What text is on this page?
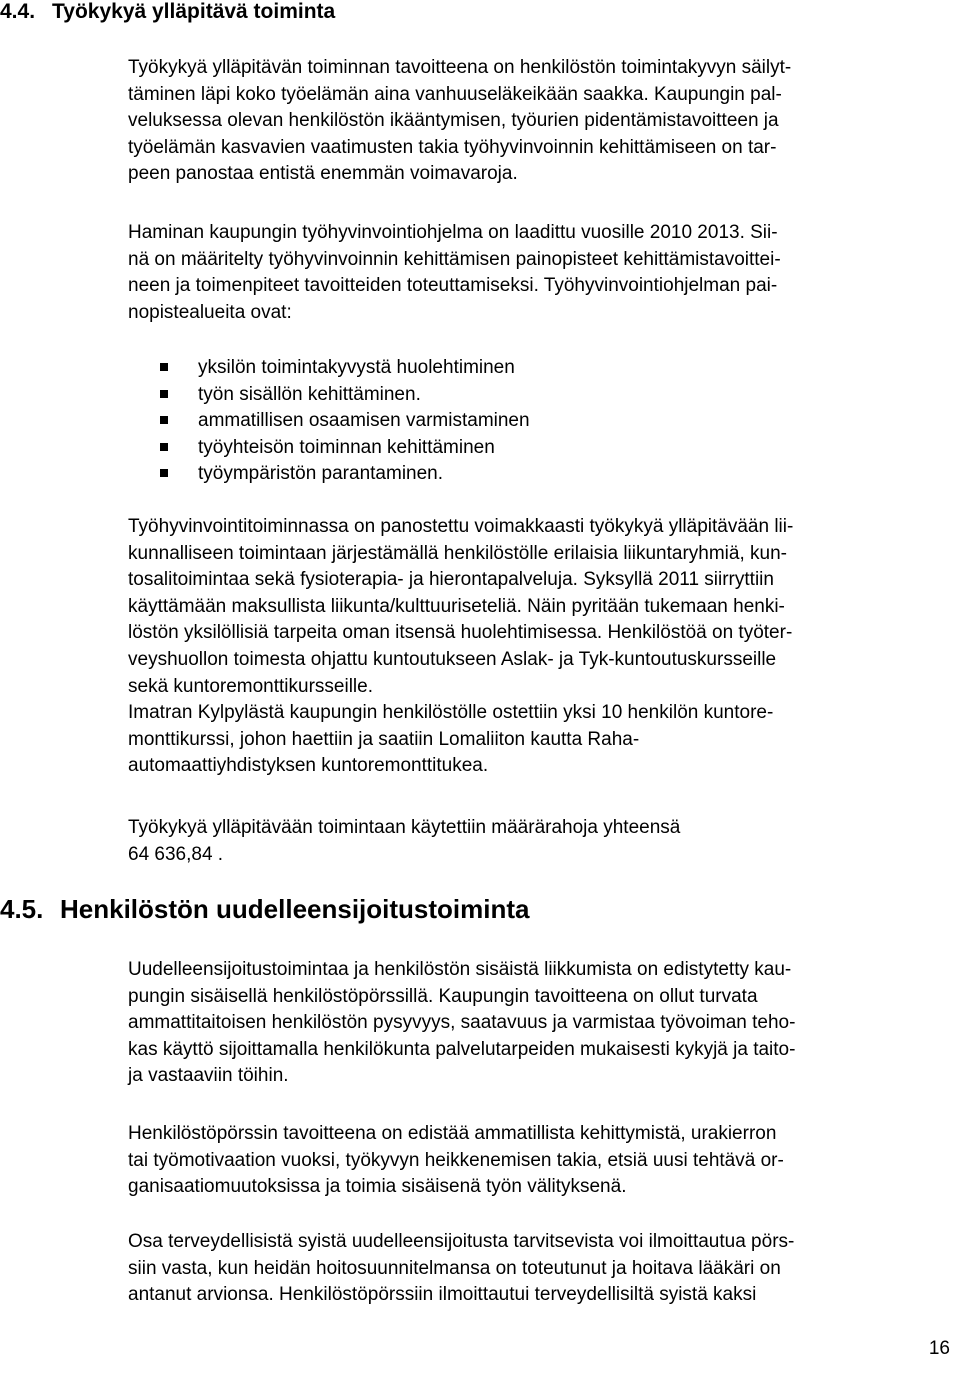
4.4. Työkykyä ylläpitävä toiminta
Työkykyä ylläpitävän toiminnan tavoitteena on henkilöstön toimintakyvyn säilyt-
täminen läpi koko työelämän aina vanhuuseläkeikään saakka. Kaupungin pal-
veluksessa olevan henkilöstön ikääntymisen, työurien pidentämistavoitteen ja
työelämän kasvavien vaatimusten takia työhyvinvoinnin kehittämiseen on tar-
peen panostaa entistä enemmän voimavaroja.
Haminan kaupungin työhyvinvointiohjelma on laadittu vuosille 2010 2013. Sii-
nä on määritelty työhyvinvoinnin kehittämisen painopisteet kehittämistavoittei-
neen ja toimenpiteet tavoitteiden toteuttamiseksi. Työhyvinvointiohjelman pai-
nopistealueita ovat:
yksilön toimintakyvystä huolehtiminen
työn sisällön kehittäminen.
ammatillisen osaamisen varmistaminen
työyhteisön toiminnan kehittäminen
työympäristön parantaminen.
Työhyvinvointitoiminnassa on panostettu voimakkaasti työkykyä ylläpitävään lii-
kunnalliseen toimintaan järjestämällä henkilöstölle erilaisia liikuntaryhmiä, kun-
tosalitoimintaa sekä fysioterapia- ja hierontapalveluja. Syksyllä 2011 siirryttiin
käyttämään maksullista liikunta/kulttuuriseteliä. Näin pyritään tukemaan henki-
löstön yksilöllisiä tarpeita oman itsensä huolehtimisessa. Henkilöstöä on työter-
veyshuollon toimesta ohjattu kuntoutukseen Aslak- ja Tyk-kuntoutuskursseille
sekä kuntoremonttikursseille.
Imatran Kylpylästä kaupungin henkilöstölle ostettiin yksi 10 henkilön kuntore-
monttikurssi, johon haettiin ja saatiin Lomaliiton kautta Raha-
automaattiyhdistyksen kuntoremonttitukea.
Työkykyä ylläpitävään toimintaan käytettiin määrärahoja yhteensä
64 636,84 .
4.5. Henkilöstön uudelleensijoitustoiminta
Uudelleensijoitustoimintaa ja henkilöstön sisäistä liikkumista on edistytetty kau-
pungin sisäisellä henkilöstöpörssillä. Kaupungin tavoitteena on ollut turvata
ammattitaitoisen henkilöstön pysyvyys, saatavuus ja varmistaa työvoiman teho-
kas käyttö sijoittamalla henkilökunta palvelutarpeiden mukaisesti kykyjä ja taito-
ja vastaaviin töihin.
Henkilöstöpörssin tavoitteena on edistää ammatillista kehittymistä, urakierron
tai työmotivaation vuoksi, työkyvyn heikkenemisen takia, etsiä uusi tehtävä or-
ganisaatiomuutoksissa ja toimia sisäisenä työn välityksenä.
Osa terveydellisistä syistä uudelleensijoitusta tarvitsevista voi ilmoittautua pörs-
siin vasta, kun heidän hoitosuunnitelmansa on toteutunut ja hoitava lääkäri on
antanut arvionsa. Henkilöstöpörssiin ilmoittautui terveydellisiltä syistä kaksi
16
